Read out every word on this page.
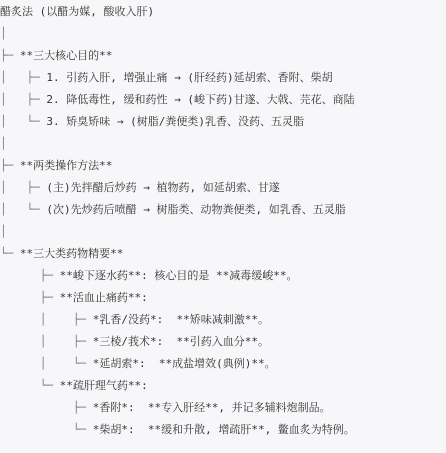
醋炙法 (以醋为媒, 酸收入肝)
│
├─ **三大核心目的**
│   ├─ 1. 引药入肝, 增强止痛 → (肝经药)延胡索、香附、柴胡
│   ├─ 2. 降低毒性, 缓和药性 → (峻下药)甘遂、大戟、芫花、商陆
│   └─ 3. 矫臭矫味 → (树脂/粪便类)乳香、没药、五灵脂
│
├─ **两类操作方法**
│   ├─ (主)先拌醋后炒药 → 植物药, 如延胡索、甘遂
│   └─ (次)先炒药后喷醋 → 树脂类、动物粪便类, 如乳香、五灵脂
│
└─ **三大类药物精要**
├─ **峻下逐水药**: 核心目的是 **减毒缓峻**。
├─ **活血止痛药**:
│    ├─ *乳香/没药*:  **矫味减刺激**。
│    ├─ *三棱/莪术*:  **引药入血分**。
│    └─ *延胡索*:  **成盐增效(典例)**。
└─ **疏肝理气药**:
├─ *香附*:  **专入肝经**, 并记多辅料炮制品。
└─ *柴胡*:  **缓和升散, 增疏肝**, 鳖血炙为特例。
